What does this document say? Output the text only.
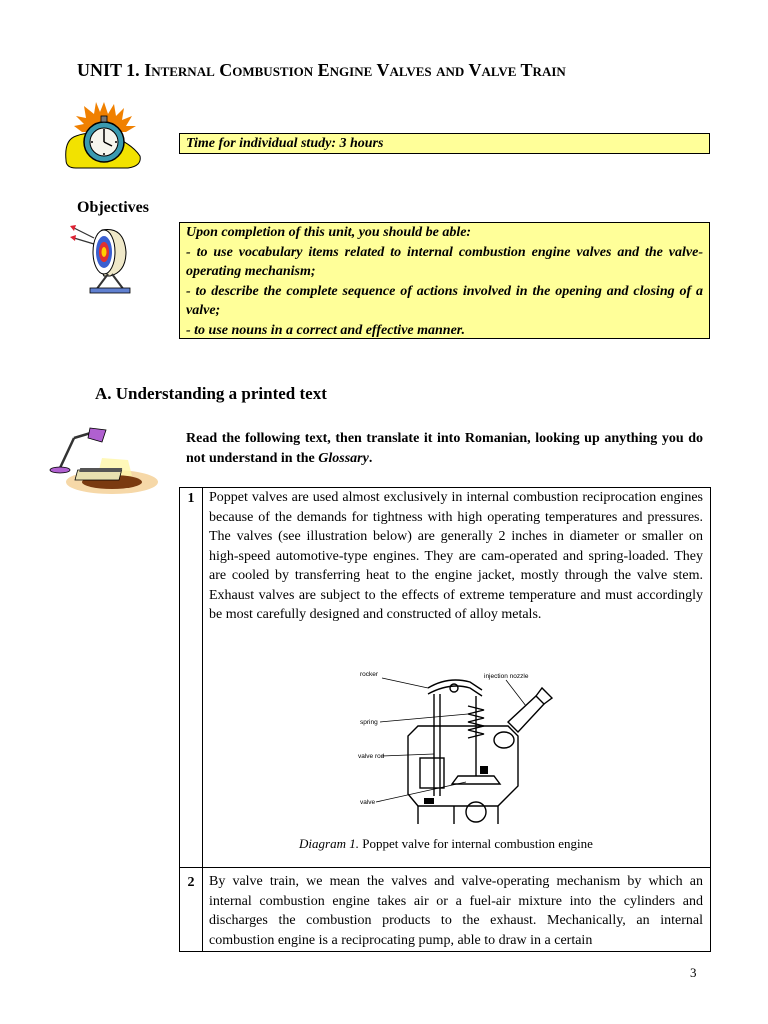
UNIT 1. Internal Combustion Engine Valves and Valve Train
Time for individual study: 3 hours
Objectives
Upon completion of this unit, you should be able:
- to use vocabulary items related to internal combustion engine valves and the valve-operating mechanism;
- to describe the complete sequence of actions involved in the opening and closing of a valve;
- to use nouns in a correct and effective manner.
A. Understanding a printed text
Read the following text, then translate it into Romanian, looking up anything you do not understand in the Glossary.
1	Poppet valves are used almost exclusively in internal combustion reciprocation engines because of the demands for tightness with high operating temperatures and pressures. The valves (see illustration below) are generally 2 inches in diameter or smaller on high-speed automotive-type engines. They are cam-operated and spring-loaded. They are cooled by transferring heat to the engine jacket, mostly through the valve stem. Exhaust valves are subject to the effects of extreme temperature and must accordingly be most carefully designed and constructed of alloy metals.
rocker
spring
valve rod
valve
injection nozzle
Diagram 1. Poppet valve for internal combustion engine
2	By valve train, we mean the valves and valve-operating mechanism by which an internal combustion engine takes air or a fuel-air mixture into the cylinders and discharges the combustion products to the exhaust. Mechanically, an internal combustion engine is a reciprocating pump, able to draw in a certain
3
